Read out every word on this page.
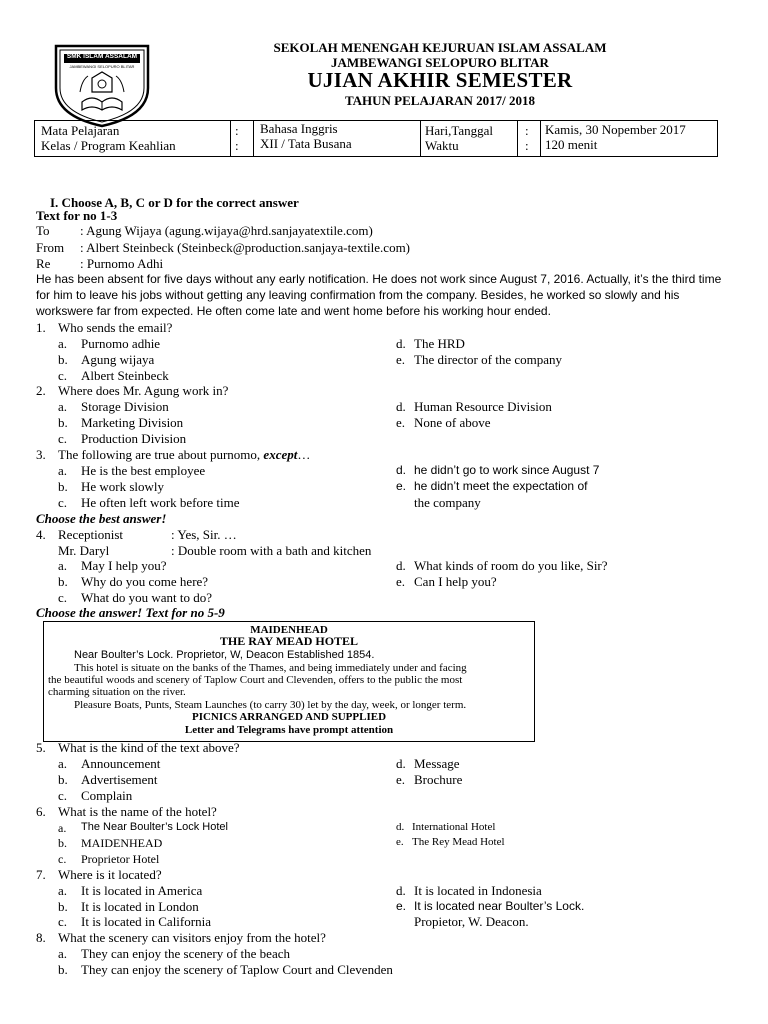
SMK ISLAM ASSALAM
JAMBEWANGI SELOPURO BLITAR
SEKOLAH MENENGAH KEJURUAN ISLAM ASSALAM
JAMBEWANGI SELOPURO BLITAR
UJIAN AKHIR SEMESTER
TAHUN PELAJARAN 2017/ 2018
Mata Pelajaran
Kelas / Program Keahlian
:
:
Bahasa Inggris
XII / Tata Busana
Hari,Tanggal
Waktu
:
:
Kamis, 30 Nopember 2017
120 menit
I. Choose A, B, C or D for the correct answer
Text for no 1-3
To : Agung Wijaya (agung.wijaya@hrd.sanjayatextile.com)
From : Albert Steinbeck (Steinbeck@production.sanjaya-textile.com)
Re : Purnomo Adhi
He has been absent for five days without any early notification. He does not work since August 7, 2016. Actually, it’s the third time for him to leave his jobs without getting any leaving confirmation from the company. Besides, he worked so slowly and his workswere far from expected. He often come late and went home before his working hour ended.
1. Who sends the email?
a. Purnomo adhie
b. Agung wijaya
c. Albert Steinbeck
d. The HRD
e. The director of the company
2. Where does Mr. Agung work in?
a. Storage Division
b. Marketing Division
c. Production Division
d. Human Resource Division
e. None of above
3. The following are true about purnomo, except…
a. He is the best employee
b. He work slowly
c. He often left work before time
d. he didn’t go to work since August 7
e. he didn’t meet the expectation of
the company
Choose the best answer!
4. Receptionist	: Yes, Sir. …
Mr. Daryl	: Double room with a bath and kitchen
a. May I help you?
b. Why do you come here?
c. What do you want to do?
d. What kinds of room do you like, Sir?
e. Can I help you?
Choose the answer! Text for no 5-9
MAIDENHEAD
THE RAY MEAD HOTEL
Near Boulter’s Lock. Proprietor, W, Deacon Established 1854.
This hotel is situate on the banks of the Thames, and being immediately under and facing
the beautiful woods and scenery of Taplow Court and Clevenden, offers to the public the most
charming situation on the river.
Pleasure Boats, Punts, Steam Launches (to carry 30) let by the day, week, or longer term.
PICNICS ARRANGED AND SUPPLIED
Letter and Telegrams have prompt attention
5. What is the kind of the text above?
a. Announcement
b. Advertisement
c. Complain
d. Message
e. Brochure
6. What is the name of the hotel?
a. The Near Boulter’s Lock Hotel
b. MAIDENHEAD
c. Proprietor Hotel
d. International Hotel
e. The Rey Mead Hotel
7. Where is it located?
a. It is located in America
b. It is located in London
c. It is located in California
d. It is located in Indonesia
e. It is located near Boulter’s Lock.
Propietor, W. Deacon.
8. What the scenery can visitors enjoy from the hotel?
a. They can enjoy the scenery of the beach
b. They can enjoy the scenery of Taplow Court and Clevenden
